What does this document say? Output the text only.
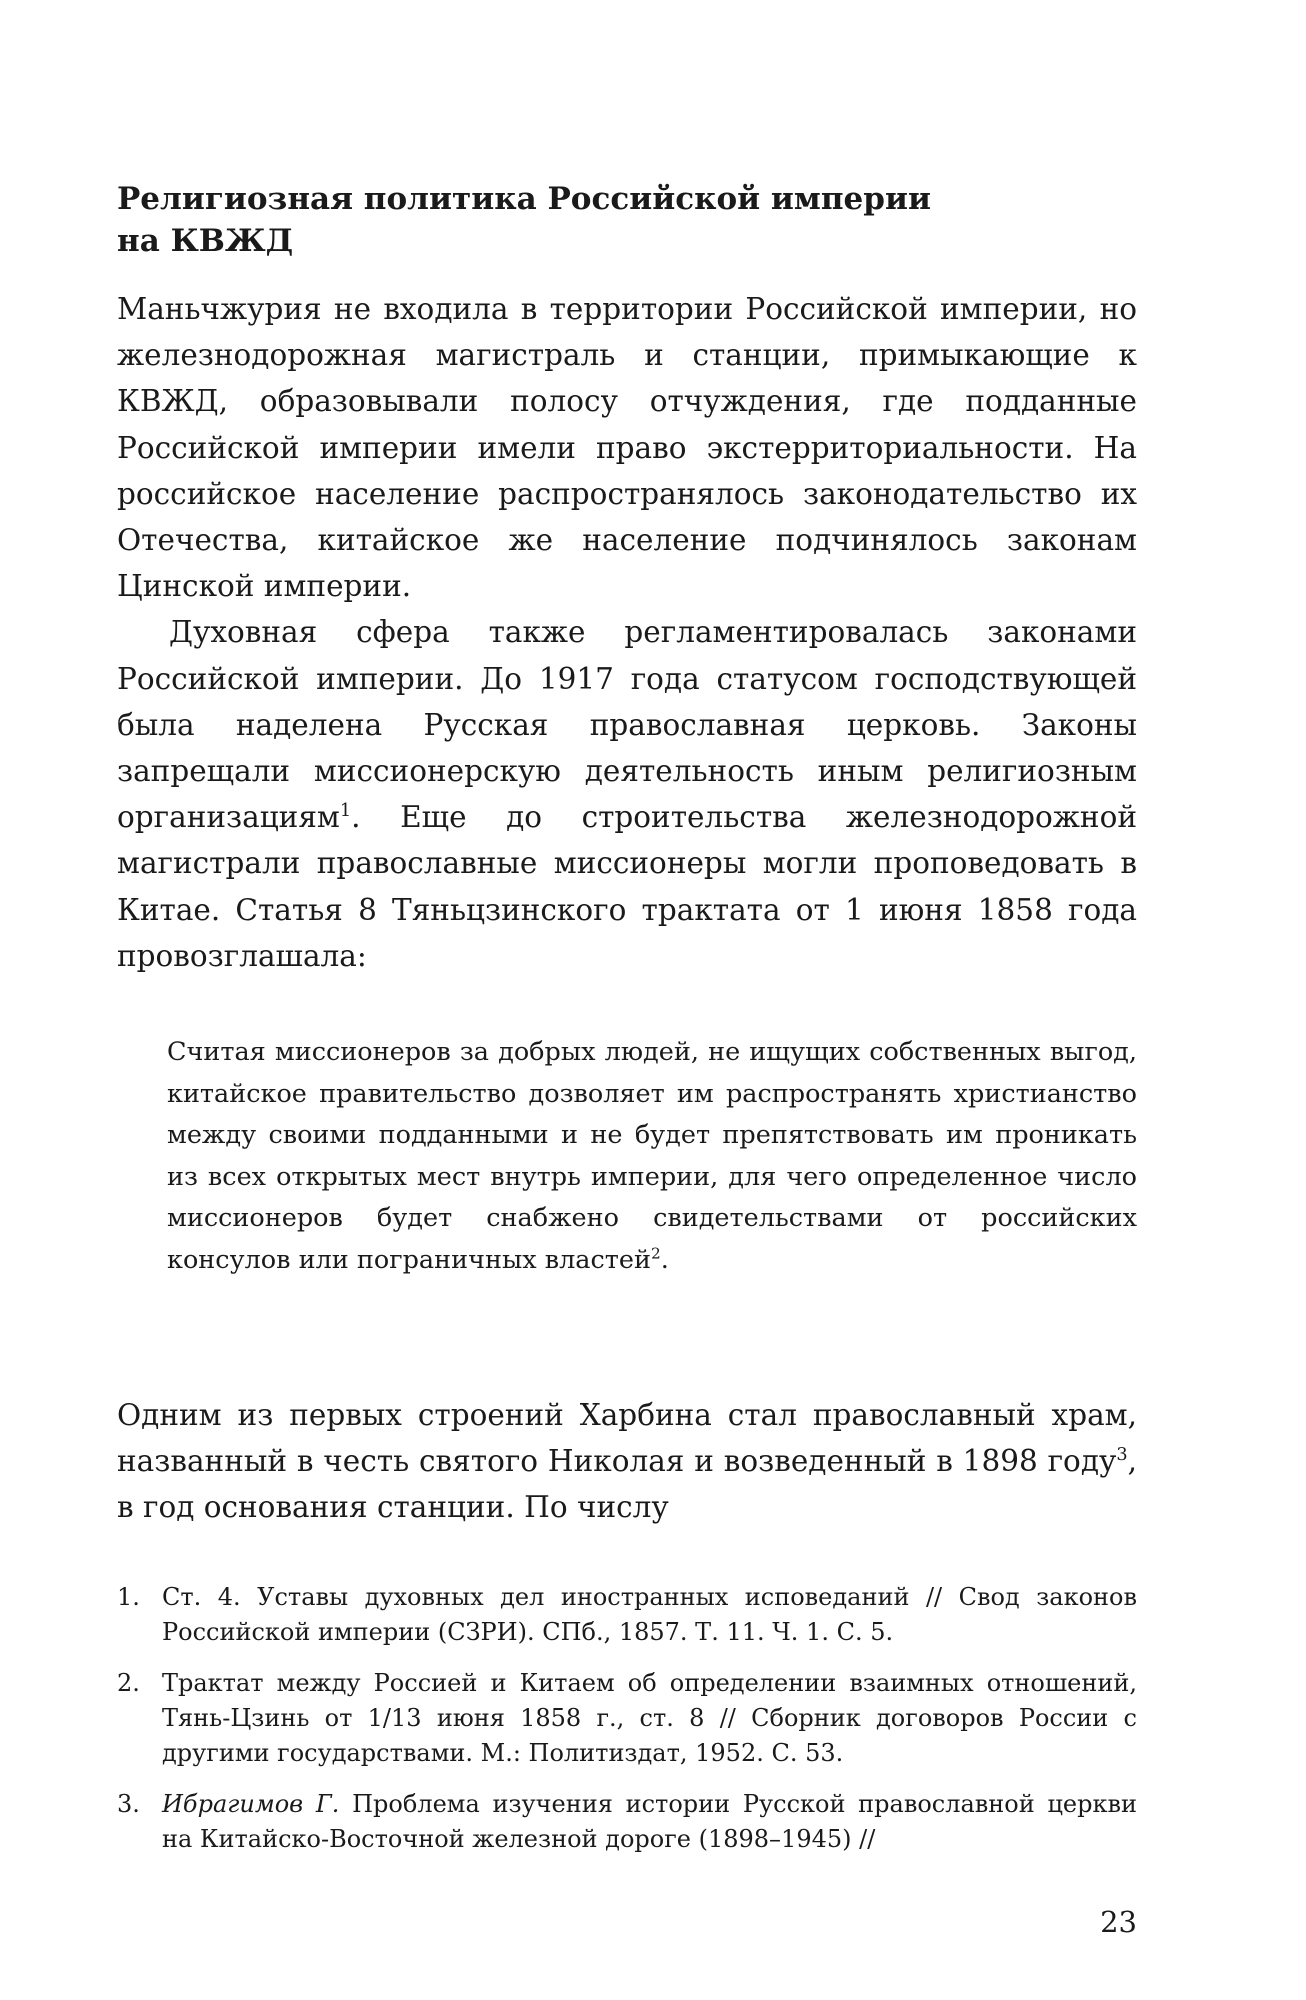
Религиозная политика Российской империи
на КВЖД

Маньчжурия не входила в территории Российской империи, но железнодорожная магистраль и станции, примыкающие к КВЖД, образовывали полосу отчуждения, где подданные Российской империи имели право экстерриториальности. На российское население распространялось законодательство их Отечества, китайское же население подчинялось законам Цинской империи.

Духовная сфера также регламентировалась законами Российской империи. До 1917 года статусом господствующей была наделена Русская православная церковь. Законы запрещали миссионерскую деятельность иным религиозным организациям$^1$. Еще до строительства железнодорожной магистрали православные миссионеры могли проповедовать в Китае. Статья 8 Тяньцзинского трактата от 1 июня 1858 года провозглашала:

Считая миссионеров за добрых людей, не ищущих собственных выгод, китайское правительство дозволяет им распространять христианство между своими подданными и не будет препятствовать им проникать из всех открытых мест внутрь империи, для чего определенное число миссионеров будет снабжено свидетельствами от российских консулов или пограничных властей$^2$.

Одним из первых строений Харбина стал православный храм, названный в честь святого Николая и возведенный в 1898 году$^3$, в год основания станции. По числу

1. Ст. 4. Уставы духовных дел иностранных исповеданий // Свод законов Российской империи (СЗРИ). СПб., 1857. Т. 11. Ч. 1. С. 5.
2. Трактат между Россией и Китаем об определении взаимных отношений, Тянь-Цзинь от 1/13 июня 1858 г., ст. 8 // Сборник договоров России с другими государствами. М.: Политиздат, 1952. С. 53.
3. Ибрагимов Г. Проблема изучения истории Русской православной церкви на Китайско-Восточной железной дороге (1898–1945) //
23
